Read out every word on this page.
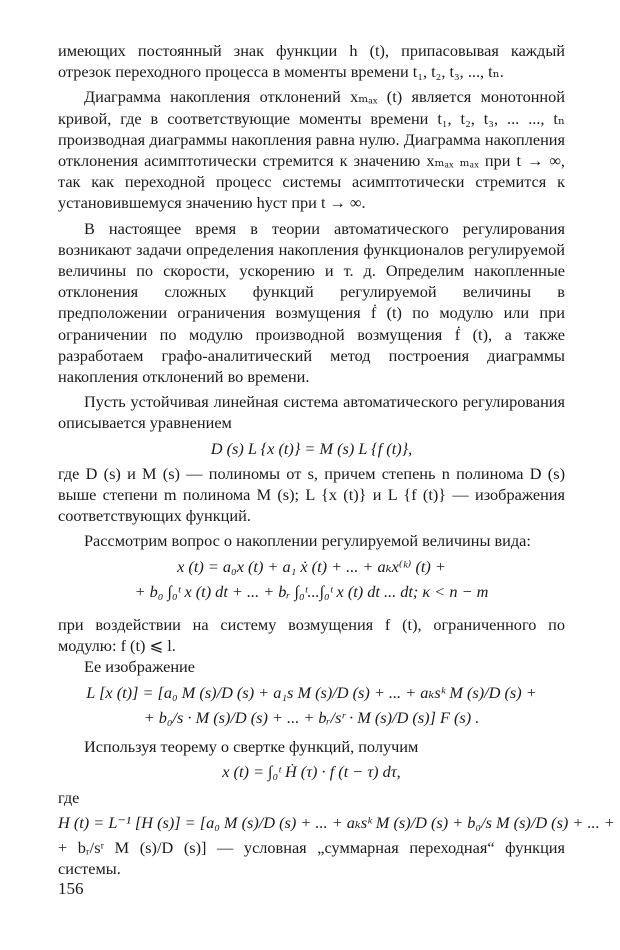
имеющих постоянный знак функции h (t), припасовывая каждый отрезок переходного процесса в моменты времени t₁, t₂, t₃, ..., tₙ.

Диаграмма накопления отклонений xₘₐₓ (t) является монотонной кривой, где в соответствующие моменты времени t₁, t₂, t₃, ... ..., tₙ производная диаграммы накопления равна нулю. Диаграмма накопления отклонения асимптотически стремится к значению xₘₐₓ ₘₐₓ при t → ∞, так как переходной процесс системы асимптотически стремится к установившемуся значению hуст при t → ∞.

В настоящее время в теории автоматического регулирования возникают задачи определения накопления функционалов регулируемой величины по скорости, ускорению и т. д. Определим накопленные отклонения сложных функций регулируемой величины в предположении ограничения возмущения ḟ (t) по модулю или при ограничении по модулю производной возмущения ḟ (t), а также разработаем графо-аналитический метод построения диаграммы накопления отклонений во времени.

Пусть устойчивая линейная система автоматического регулирования описывается уравнением

D (s) L {x (t)} = M (s) L {f (t)},

где D (s) и M (s) — полиномы от s, причем степень n полинома D (s) выше степени m полинома M (s); L {x (t)} и L {f (t)} — изображения соответствующих функций.

Рассмотрим вопрос о накоплении регулируемой величины вида:

x (t) = a₀x (t) + a₁ ẋ (t) + ... + aₖx⁽ᵏ⁾ (t) +
+ b₀ ∫₀ᵗ x (t) dt + ... + bᵣ ∫₀ᵗ...∫₀ᵗ x (t) dt ... dt; κ < n − m

при воздействии на систему возмущения f (t), ограниченного по модулю: f (t) ⩽ l.

Ее изображение

L [x (t)] = [a₀ M (s)/D (s) + a₁s M (s)/D (s) + ... + aₖsᵏ M (s)/D (s) +
+ b₀/s · M (s)/D (s) + ... + bᵣ/sʳ · M (s)/D (s)] F (s) .

Используя теорему о свертке функций, получим

x (t) = ∫₀ᵗ Ḣ (τ) · f (t − τ) dτ,

где

H (t) = L⁻¹ [H (s)] = [a₀ M (s)/D (s) + ... + aₖsᵏ M (s)/D (s) + b₀/s M (s)/D (s) + ... +

+ bᵣ/sʳ M (s)/D (s)] — условная „суммарная переходная“ функция системы.

156
